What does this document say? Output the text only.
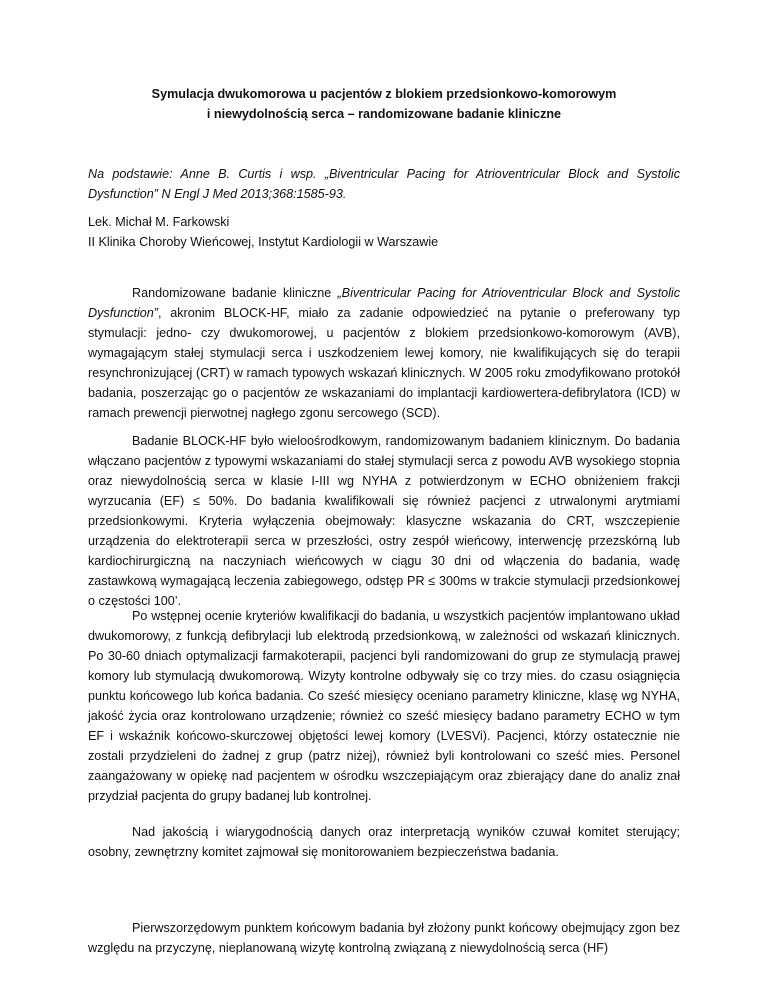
Symulacja dwukomorowa u pacjentów z blokiem przedsionkowo-komorowym
i niewydolnością serca – randomizowane badanie kliniczne
Na podstawie: Anne B. Curtis i wsp. „Biventricular Pacing for Atrioventricular Block and Systolic Dysfunction” N Engl J Med 2013;368:1585-93.
Lek. Michał M. Farkowski
II Klinika Choroby Wieńcowej, Instytut Kardiologii w Warszawie
Randomizowane badanie kliniczne „Biventricular Pacing for Atrioventricular Block and Systolic Dysfunction”, akronim BLOCK-HF, miało za zadanie odpowiedzieć na pytanie o preferowany typ stymulacji: jedno- czy dwukomorowej, u pacjentów z blokiem przedsionkowo-komorowym (AVB), wymagającym stałej stymulacji serca i uszkodzeniem lewej komory, nie kwalifikujących się do terapii resynchronizującej (CRT) w ramach typowych wskazań klinicznych. W 2005 roku zmodyfikowano protokół badania, poszerzając go o pacjentów ze wskazaniami do implantacji kardiowertera-defibrylatora (ICD) w ramach prewencji pierwotnej nagłego zgonu sercowego (SCD).
Badanie BLOCK-HF było wieloośrodkowym, randomizowanym badaniem klinicznym. Do badania włączano pacjentów z typowymi wskazaniami do stałej stymulacji serca z powodu AVB wysokiego stopnia oraz niewydolnością serca w klasie I-III wg NYHA z potwierdzonym w ECHO obniżeniem frakcji wyrzucania (EF) ≤ 50%. Do badania kwalifikowali się również pacjenci z utrwalonymi arytmiami przedsionkowymi. Kryteria wyłączenia obejmowały: klasyczne wskazania do CRT, wszczepienie urządzenia do elektroterapii serca w przeszłości, ostry zespół wieńcowy, interwencję przezskórną lub kardiochirurgiczną na naczyniach wieńcowych w ciągu 30 dni od włączenia do badania, wadę zastawkową wymagającą leczenia zabiegowego, odstęp PR ≤ 300ms w trakcie stymulacji przedsionkowej o częstości 100’.
Po wstępnej ocenie kryteriów kwalifikacji do badania, u wszystkich pacjentów implantowano układ dwukomorowy, z funkcją defibrylacji lub elektrodą przedsionkową, w zależności od wskazań klinicznych. Po 30-60 dniach optymalizacji farmakoterapii, pacjenci byli randomizowani do grup ze stymulacją prawej komory lub stymulacją dwukomorową. Wizyty kontrolne odbywały się co trzy mies. do czasu osiągnięcia punktu końcowego lub końca badania. Co sześć miesięcy oceniano parametry kliniczne, klasę wg NYHA, jakość życia oraz kontrolowano urządzenie; również co sześć miesięcy badano parametry ECHO w tym EF i wskaźnik końcowo-skurczowej objętości lewej komory (LVESVi). Pacjenci, którzy ostatecznie nie zostali przydzieleni do żadnej z grup (patrz niżej), również byli kontrolowani co sześć mies. Personel zaangażowany w opiekę nad pacjentem w ośrodku wszczepiającym oraz zbierający dane do analiz znał przydział pacjenta do grupy badanej lub kontrolnej.
Nad jakością i wiarygodnością danych oraz interpretacją wyników czuwał komitet sterujący; osobny, zewnętrzny komitet zajmował się monitorowaniem bezpieczeństwa badania.
Pierwszorzędowym punktem końcowym badania był złożony punkt końcowy obejmujący zgon bez względu na przyczynę, nieplanowaną wizytę kontrolną związaną z niewydolnością serca (HF)
